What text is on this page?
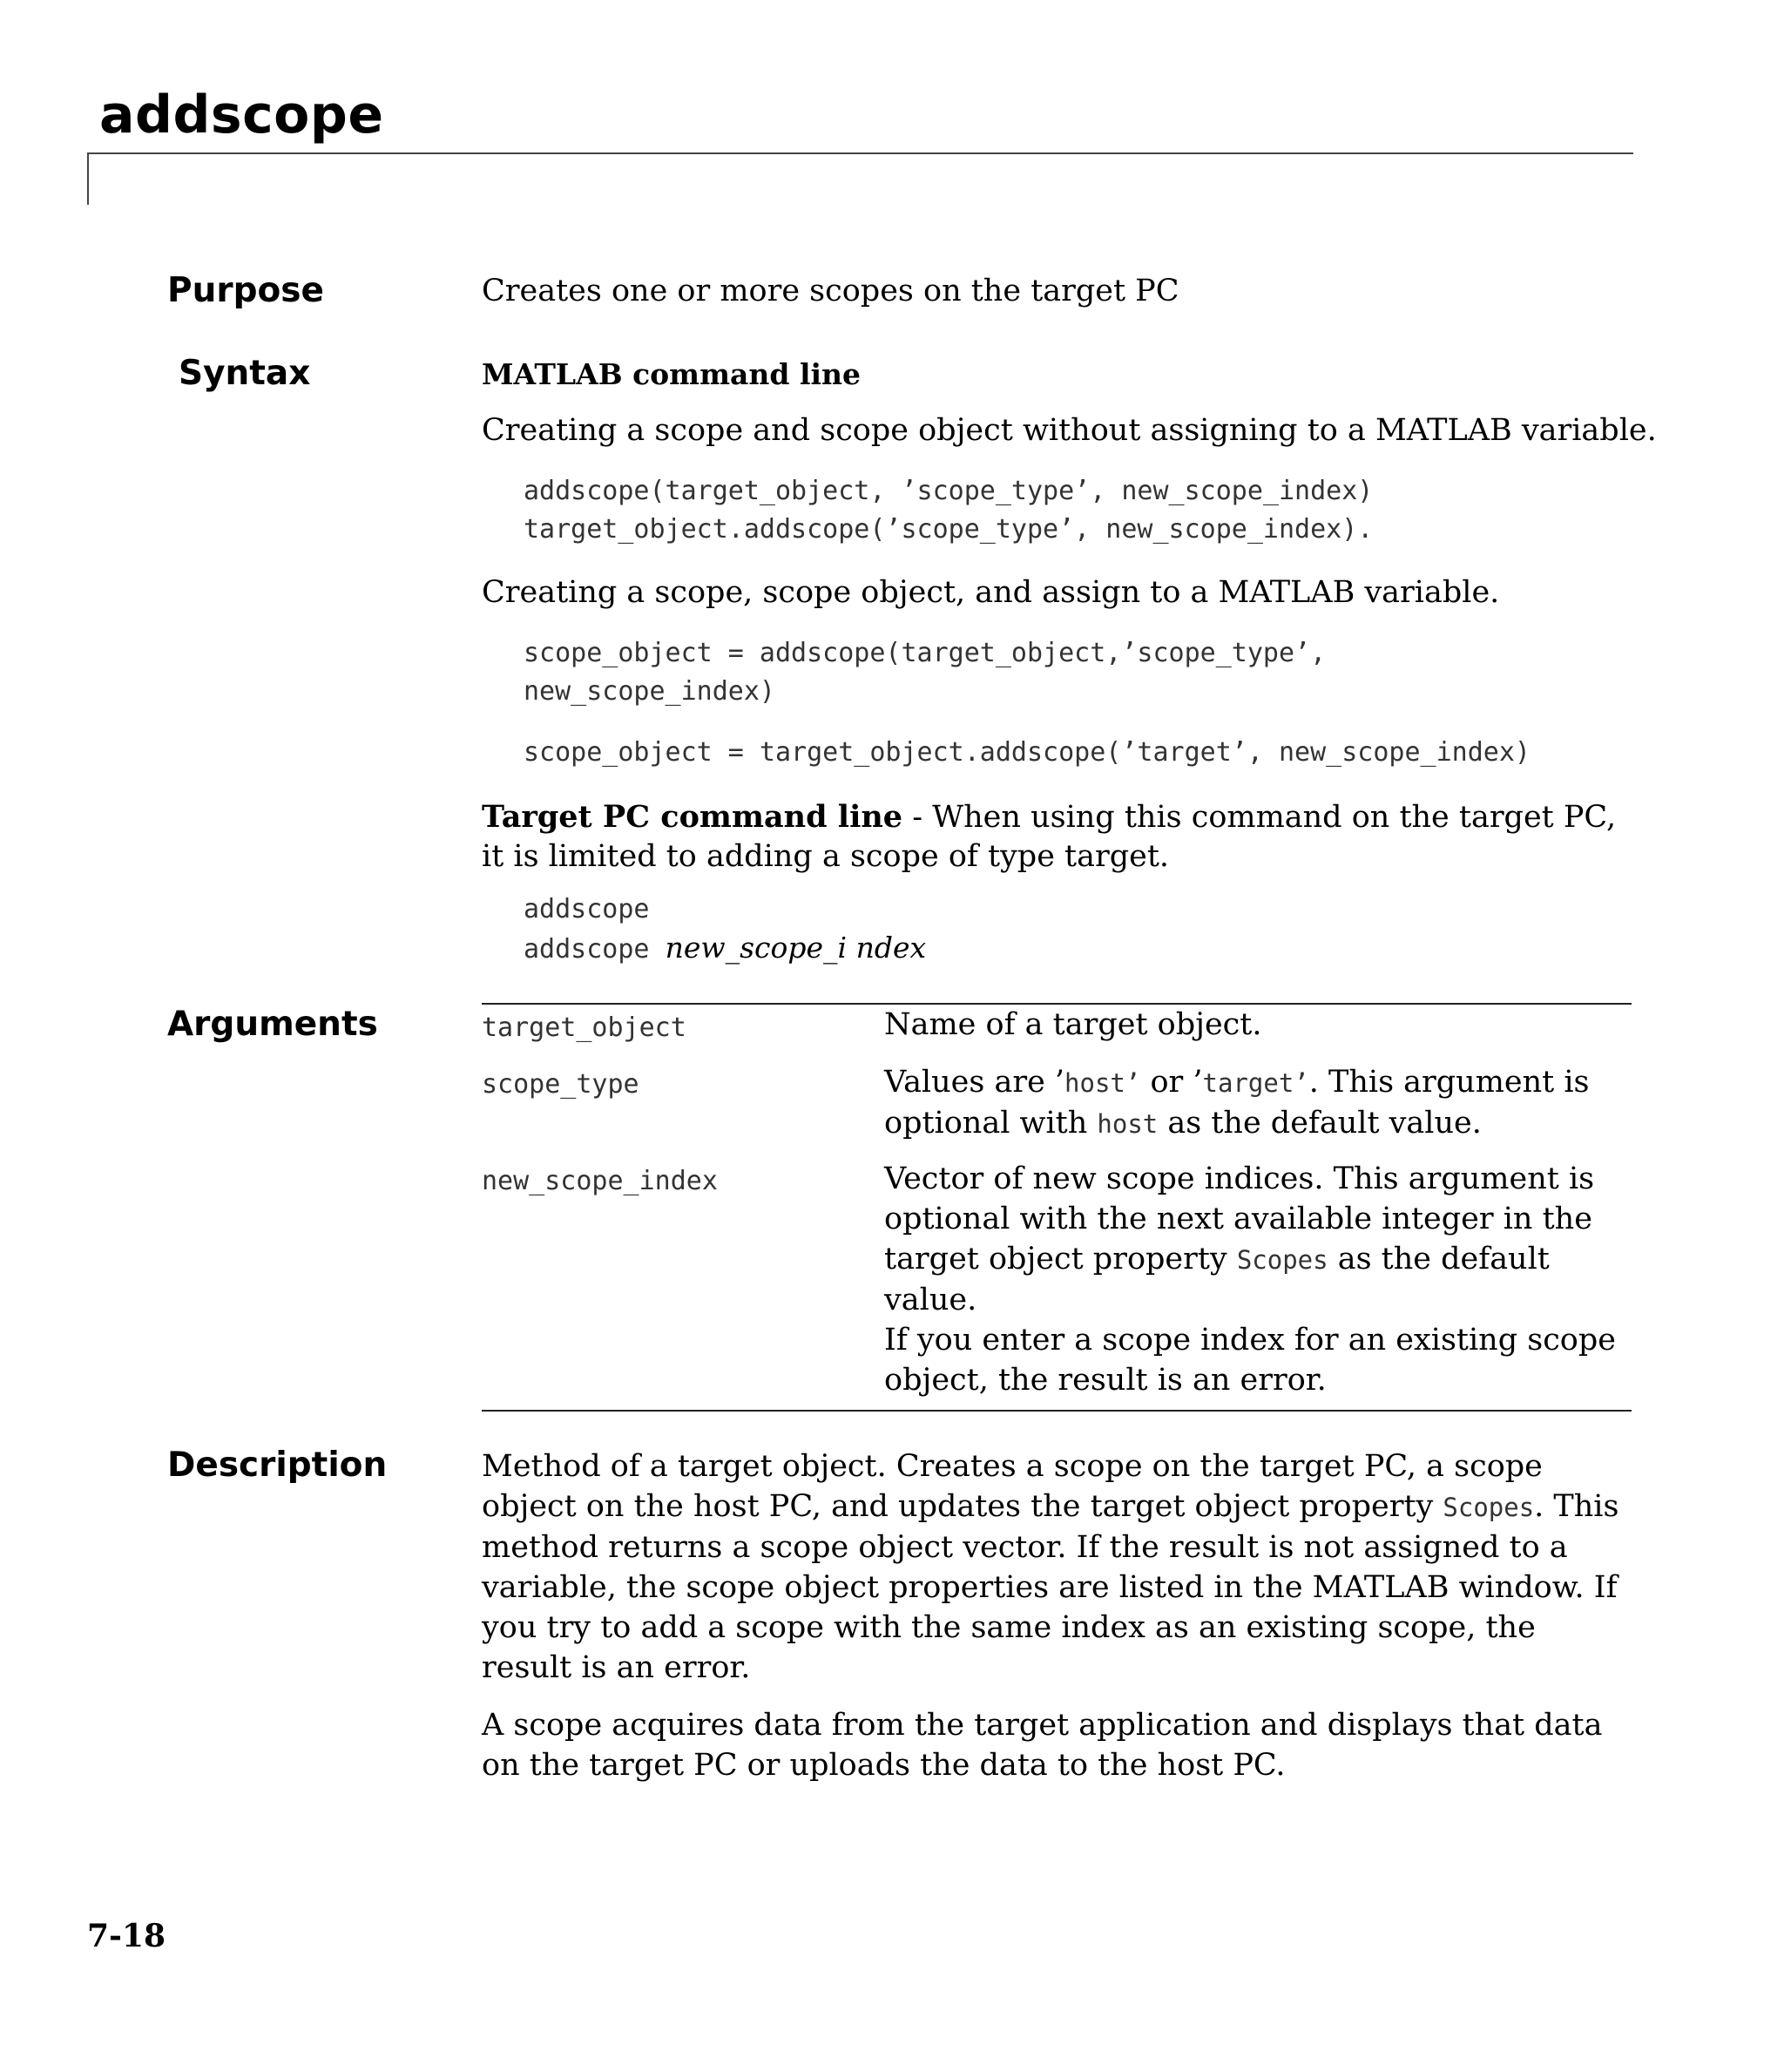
addscope
Purpose	Creates one or more scopes on the target PC

Syntax	MATLAB command line

Creating a scope and scope object without assigning to a MATLAB variable.

addscope(target_object, ’scope_type’, new_scope_index)
target_object.addscope(’scope_type’, new_scope_index).

Creating a scope, scope object, and assign to a MATLAB variable.

scope_object = addscope(target_object,’scope_type’,
new_scope_index)
scope_object = target_object.addscope(’target’, new_scope_index)

Target PC command line - When using this command on the target PC, it is limited to adding a scope of type target.

addscope
addscope new_scope_i ndex
Arguments	target_object	Name of a target object.

scope_type	Values are ’host’ or ’target’. This argument is optional with host as the default value.

new_scope_index	Vector of new scope indices. This argument is optional with the next available integer in the target object property Scopes as the default value.
If you enter a scope index for an existing scope object, the result is an error.

Description	Method of a target object. Creates a scope on the target PC, a scope object on the host PC, and updates the target object property Scopes. This method returns a scope object vector. If the result is not assigned to a variable, the scope object properties are listed in the MATLAB window. If you try to add a scope with the same index as an existing scope, the result is an error.

A scope acquires data from the target application and displays that data on the target PC or uploads the data to the host PC.

7-18
